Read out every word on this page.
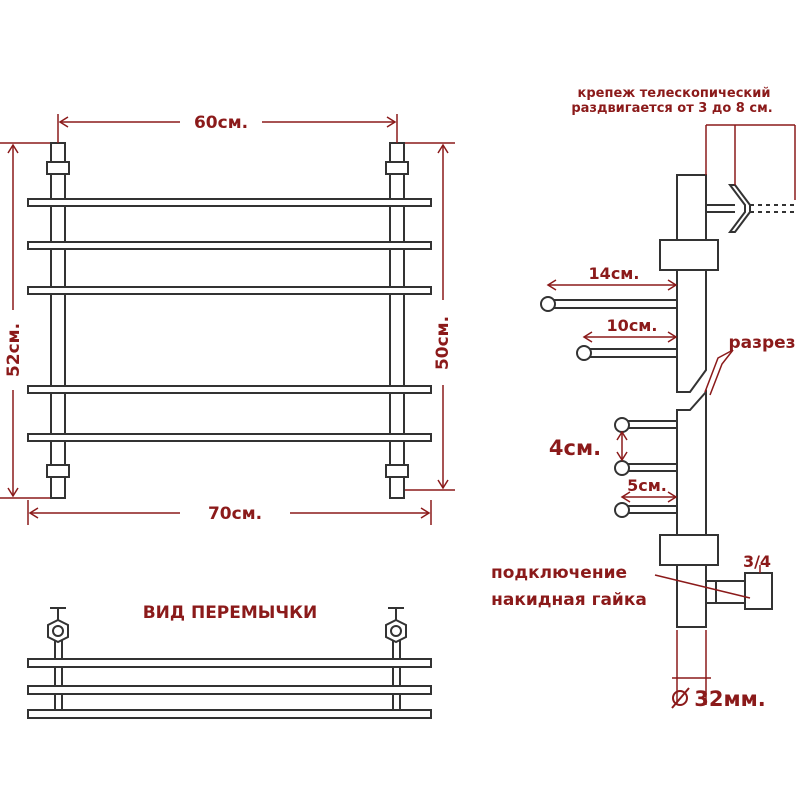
60см.
70см.
52см.	50см.
ВИД ПЕРЕМЫЧКИ
крепеж телескопический
раздвигается от 3 до 8 см.
14см.
10см.
разрез
4см.
5см.
3/4
подключение
накидная гайка
32мм.
